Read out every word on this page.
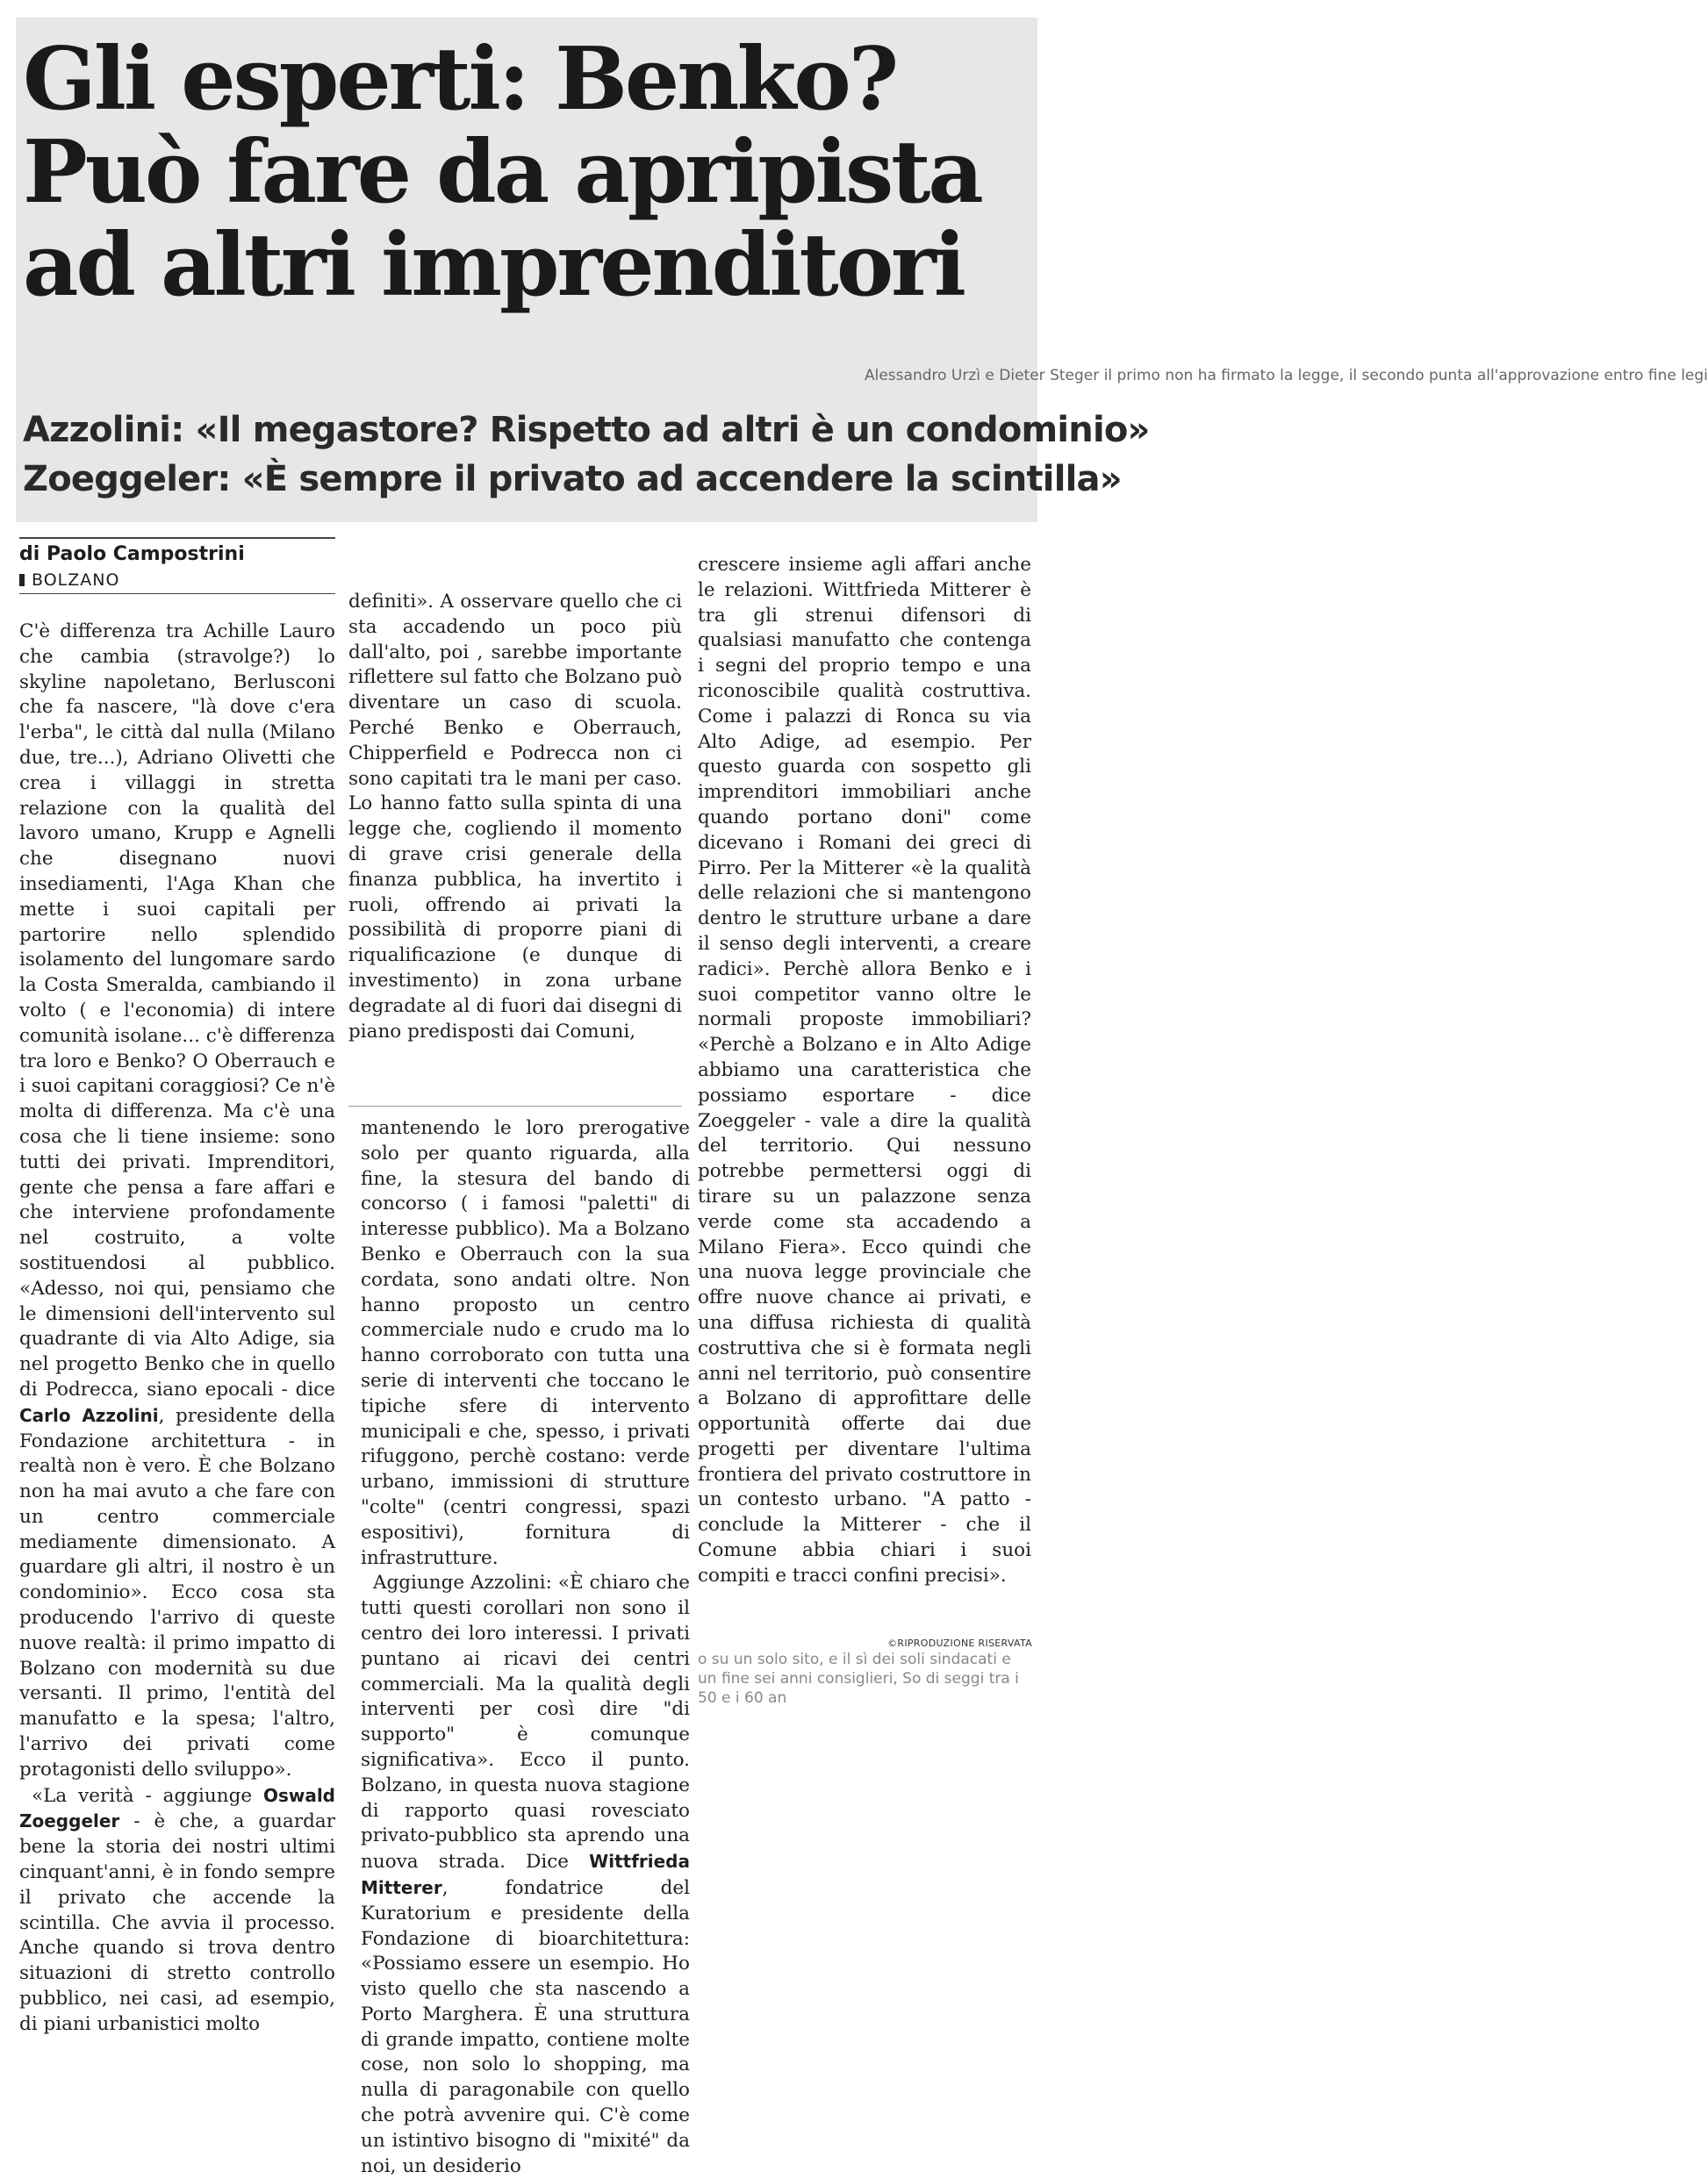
Gli esperti: Benko?
Può fare da apripista
ad altri imprenditori
Alessandro Urzì e Dieter Steger il primo non ha firmato la legge, il secondo punta all'approvazione entro fine legi
Azzolini: «Il megastore? Rispetto ad altri è un condominio»
Zoeggeler: «È sempre il privato ad accendere la scintilla»
di Paolo Campostrini
BOLZANO

C'è differenza tra Achille Lauro che cambia (stravolge?) lo skyline napoletano, Berlusconi che fa nascere, "là dove c'era l'erba", le città dal nulla (Milano due, tre...), Adriano Olivetti che crea i villaggi in stretta relazione con la qualità del lavoro umano, Krupp e Agnelli che disegnano nuovi insediamenti, l'Aga Khan che mette i suoi capitali per partorire nello splendido isolamento del lungomare sardo la Costa Smeralda, cambiando il volto ( e l'economia) di intere comunità isolane... c'è differenza tra loro e Benko? O Oberrauch e i suoi capitani coraggiosi? Ce n'è molta di differenza. Ma c'è una cosa che li tiene insieme: sono tutti dei privati. Imprenditori, gente che pensa a fare affari e che interviene profondamente nel costruito, a volte sostituendosi al pubblico. «Adesso, noi qui, pensiamo che le dimensioni dell'intervento sul quadrante di via Alto Adige, sia nel progetto Benko che in quello di Podrecca, siano epocali - dice Carlo Azzolini, presidente della Fondazione architettura - in realtà non è vero. È che Bolzano non ha mai avuto a che fare con un centro commerciale mediamente dimensionato. A guardare gli altri, il nostro è un condominio». Ecco cosa sta producendo l'arrivo di queste nuove realtà: il primo impatto di Bolzano con modernità su due versanti. Il primo, l'entità del manufatto e la spesa; l'altro, l'arrivo dei privati come protagonisti dello sviluppo».

«La verità - aggiunge Oswald Zoeggeler - è che, a guardar bene la storia dei nostri ultimi cinquant'anni, è in fondo sempre il privato che accende la scintilla. Che avvia il processo. Anche quando si trova dentro situazioni di stretto controllo pubblico, nei casi, ad esempio, di piani urbanistici molto

definiti». A osservare quello che ci sta accadendo un poco più dall'alto, poi , sarebbe importante riflettere sul fatto che Bolzano può diventare un caso di scuola. Perché Benko e Oberrauch, Chipperfield e Podrecca non ci sono capitati tra le mani per caso. Lo hanno fatto sulla spinta di una legge che, cogliendo il momento di grave crisi generale della finanza pubblica, ha invertito i ruoli, offrendo ai privati la possibilità di proporre piani di riqualificazione (e dunque di investimento) in zona urbane degradate al di fuori dai disegni di piano predisposti dai Comuni,

mantenendo le loro prerogative solo per quanto riguarda, alla fine, la stesura del bando di concorso ( i famosi "paletti" di interesse pubblico). Ma a Bolzano Benko e Oberrauch con la sua cordata, sono andati oltre. Non hanno proposto un centro commerciale nudo e crudo ma lo hanno corroborato con tutta una serie di interventi che toccano le tipiche sfere di intervento municipali e che, spesso, i privati rifuggono, perchè costano: verde urbano, immissioni di strutture "colte" (centri congressi, spazi espositivi), fornitura di infrastrutture.

Aggiunge Azzolini: «È chiaro che tutti questi corollari non sono il centro dei loro interessi. I privati puntano ai ricavi dei centri commerciali. Ma la qualità degli interventi per così dire "di supporto" è comunque significativa». Ecco il punto. Bolzano, in questa nuova stagione di rapporto quasi rovesciato privato-pubblico sta aprendo una nuova strada. Dice Wittfrieda Mitterer, fondatrice del Kuratorium e presidente della Fondazione di bioarchitettura: «Possiamo essere un esempio. Ho visto quello che sta nascendo a Porto Marghera. È una struttura di grande impatto, contiene molte cose, non solo lo shopping, ma nulla di paragonabile con quello che potrà avvenire qui. C'è come un istintivo bisogno di "mixité" da noi, un desiderio

crescere insieme agli affari anche le relazioni. Wittfrieda Mitterer è tra gli strenui difensori di qualsiasi manufatto che contenga i segni del proprio tempo e una riconoscibile qualità costruttiva. Come i palazzi di Ronca su via Alto Adige, ad esempio. Per questo guarda con sospetto gli imprenditori immobiliari anche quando portano doni" come dicevano i Romani dei greci di Pirro. Per la Mitterer «è la qualità delle relazioni che si mantengono dentro le strutture urbane a dare il senso degli interventi, a creare radici». Perchè allora Benko e i suoi competitor vanno oltre le normali proposte immobiliari? «Perchè a Bolzano e in Alto Adige abbiamo una caratteristica che possiamo esportare - dice Zoeggeler - vale a dire la qualità del territorio. Qui nessuno potrebbe permettersi oggi di tirare su un palazzone senza verde come sta accadendo a Milano Fiera». Ecco quindi che una nuova legge provinciale che offre nuove chance ai privati, e una diffusa richiesta di qualità costruttiva che si è formata negli anni nel territorio, può consentire a Bolzano di approfittare delle opportunità offerte dai due progetti per diventare l'ultima frontiera del privato costruttore in un contesto urbano. "A patto - conclude la Mitterer - che il Comune abbia chiari i suoi compiti e tracci confini precisi».

©RIPRODUZIONE RISERVATA
o su un solo sito, e il sì dei soli sindacati e un fine sei anni consiglieri, So di seggi tra i 50 e i 60 an
